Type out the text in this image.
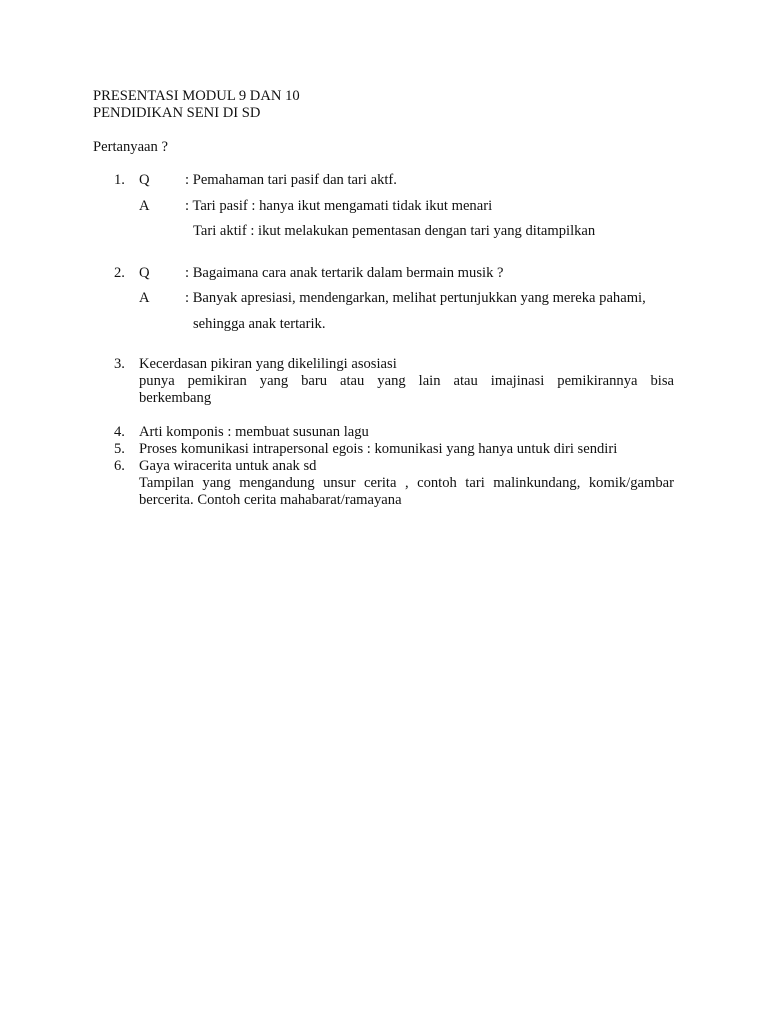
PRESENTASI MODUL 9 DAN 10
PENDIDIKAN SENI DI SD
Pertanyaan ?
1. Q : Pemahaman tari pasif dan tari aktf.
A : Tari pasif : hanya ikut mengamati tidak ikut menari
Tari aktif : ikut melakukan pementasan dengan tari yang ditampilkan
2. Q : Bagaimana cara anak tertarik dalam bermain musik ?
A : Banyak apresiasi, mendengarkan, melihat pertunjukkan yang mereka pahami,
sehingga anak tertarik.
3. Kecerdasan pikiran yang dikelilingi asosiasi
punya pemikiran yang baru atau yang lain atau imajinasi pemikirannya bisa
berkembang
4. Arti komponis : membuat susunan lagu
5. Proses komunikasi intrapersonal egois : komunikasi yang hanya untuk diri sendiri
6. Gaya wiracerita untuk anak sd
Tampilan yang mengandung unsur cerita , contoh tari malinkundang, komik/gambar
bercerita. Contoh cerita mahabarat/ramayana
